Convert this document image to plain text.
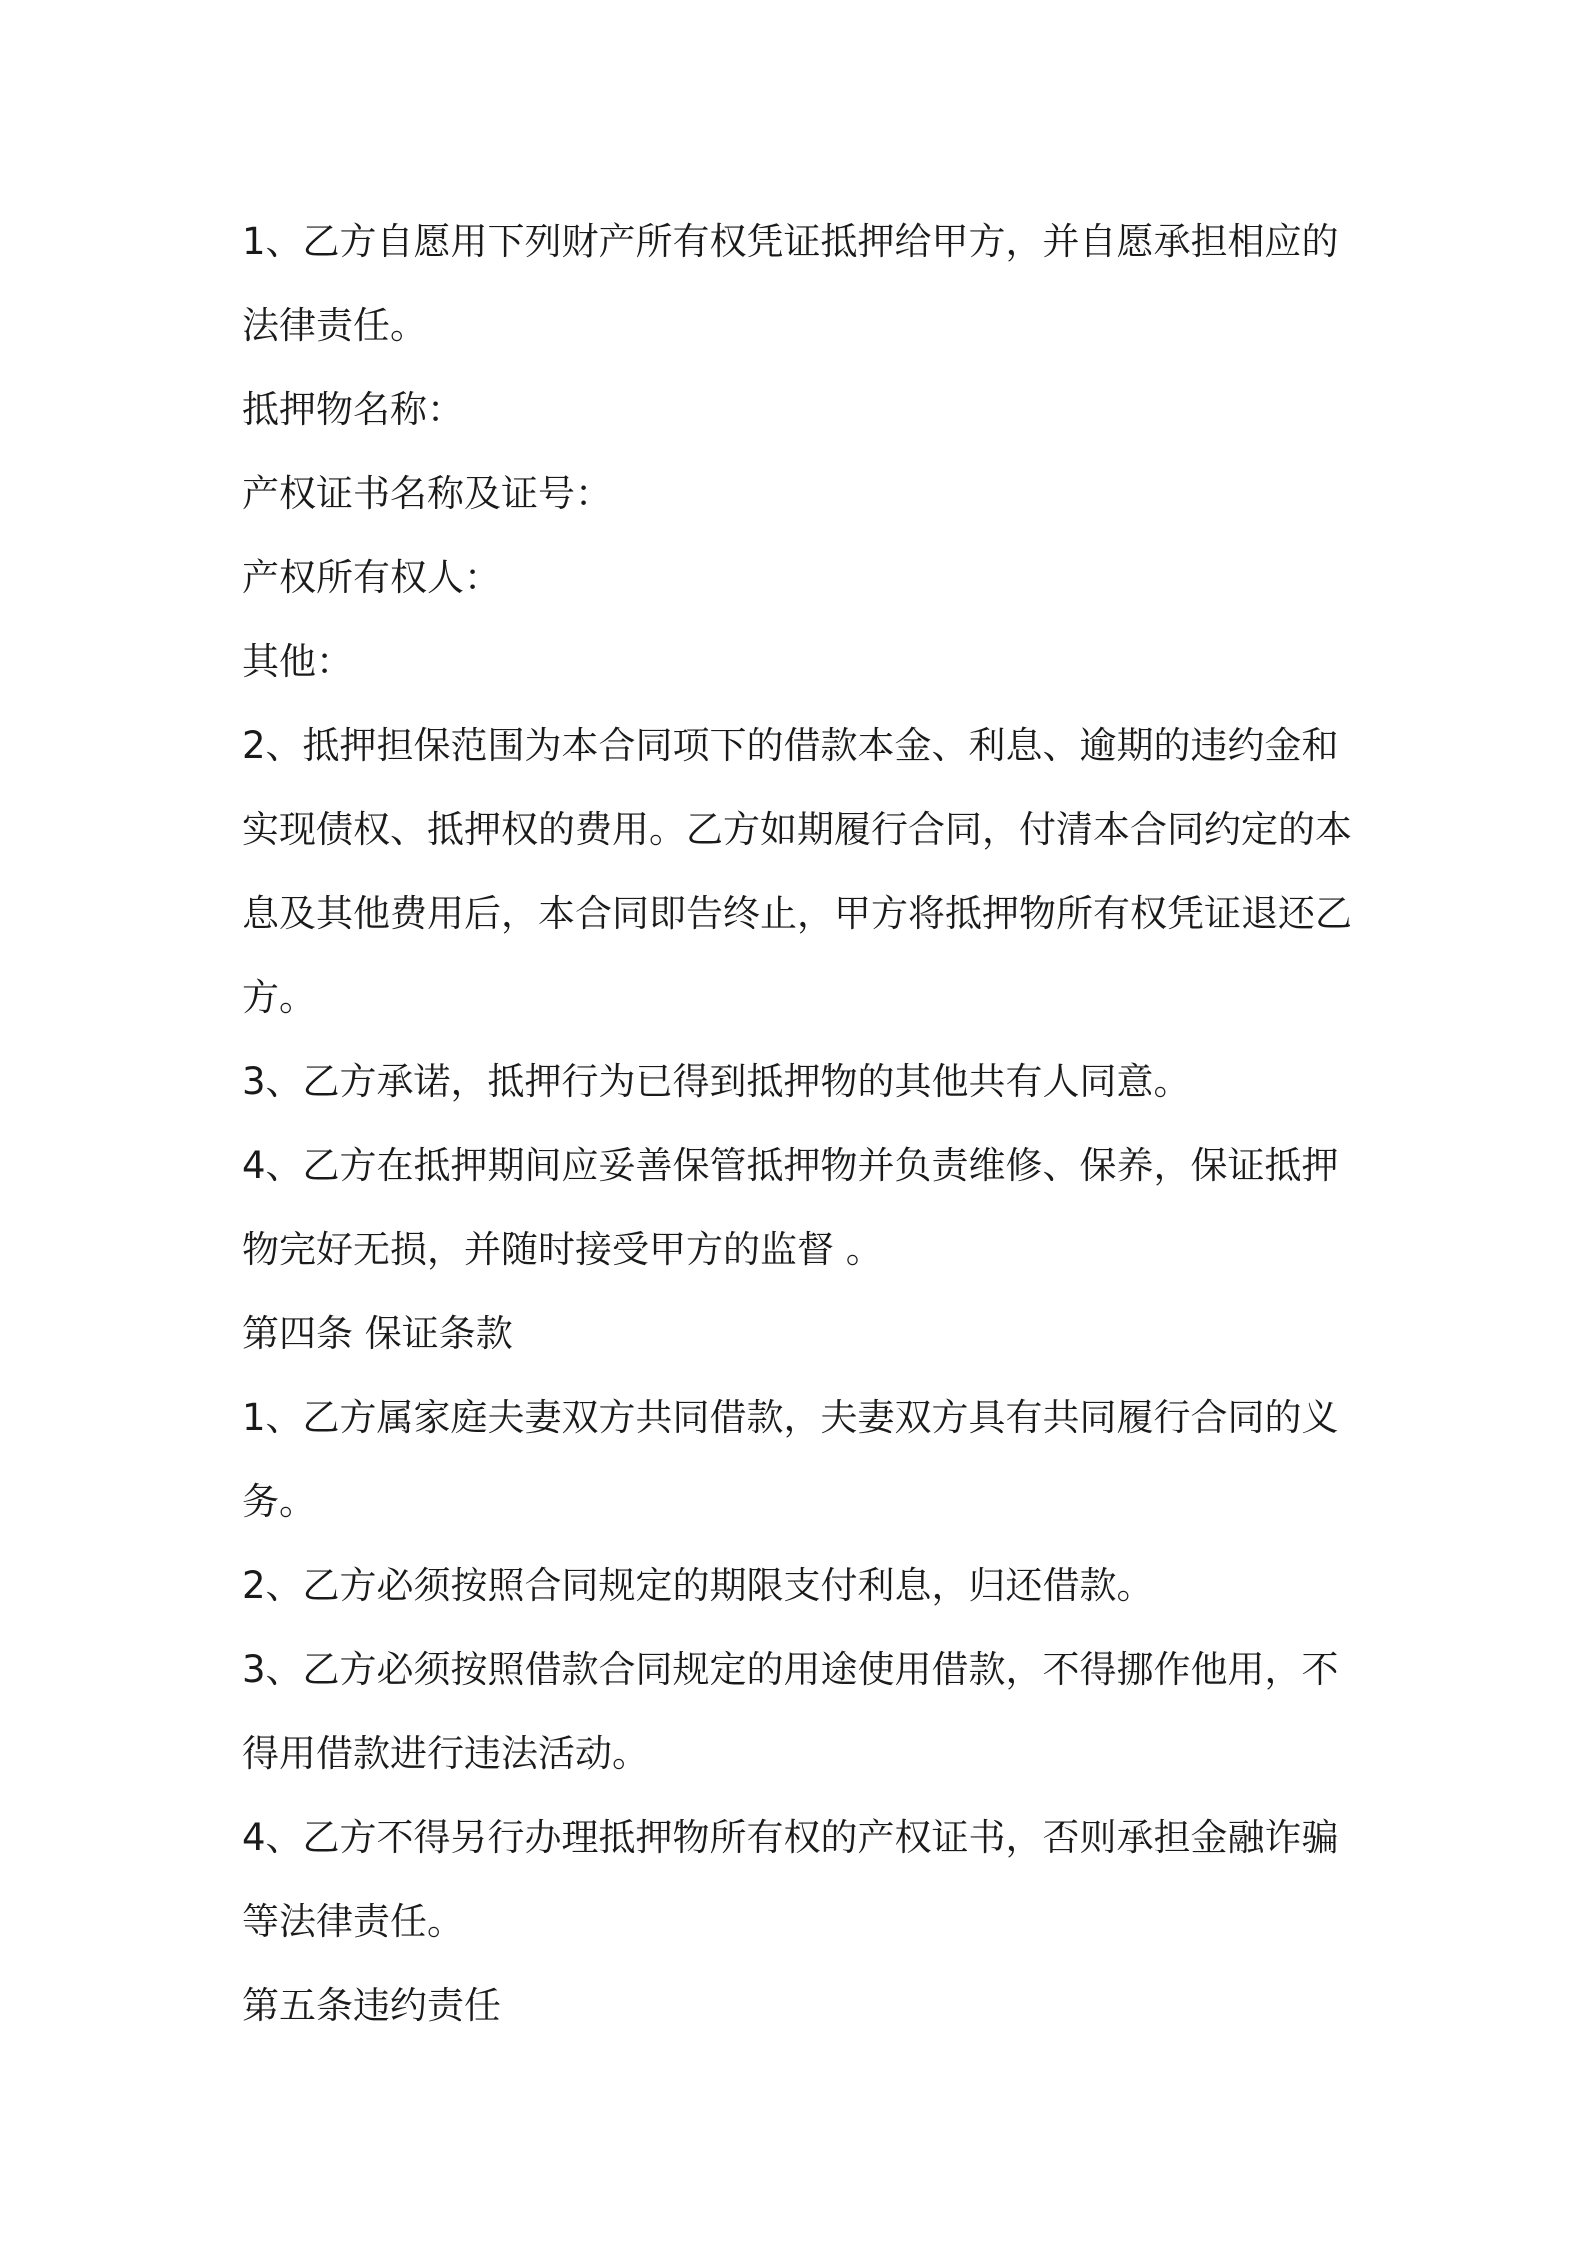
1、乙方自愿用下列财产所有权凭证抵押给甲方，并自愿承担相应的
法律责任。
抵押物名称：
产权证书名称及证号：
产权所有权人：
其他：
2、抵押担保范围为本合同项下的借款本金、利息、逾期的违约金和
实现债权、抵押权的费用。乙方如期履行合同，付清本合同约定的本
息及其他费用后，本合同即告终止，甲方将抵押物所有权凭证退还乙
方。
3、乙方承诺，抵押行为已得到抵押物的其他共有人同意。
4、乙方在抵押期间应妥善保管抵押物并负责维修、保养，保证抵押
物完好无损，并随时接受甲方的监督 。
第四条 保证条款
1、乙方属家庭夫妻双方共同借款，夫妻双方具有共同履行合同的义
务。
2、乙方必须按照合同规定的期限支付利息，归还借款。
3、乙方必须按照借款合同规定的用途使用借款，不得挪作他用，不
得用借款进行违法活动。
4、乙方不得另行办理抵押物所有权的产权证书，否则承担金融诈骗
等法律责任。
第五条违约责任
